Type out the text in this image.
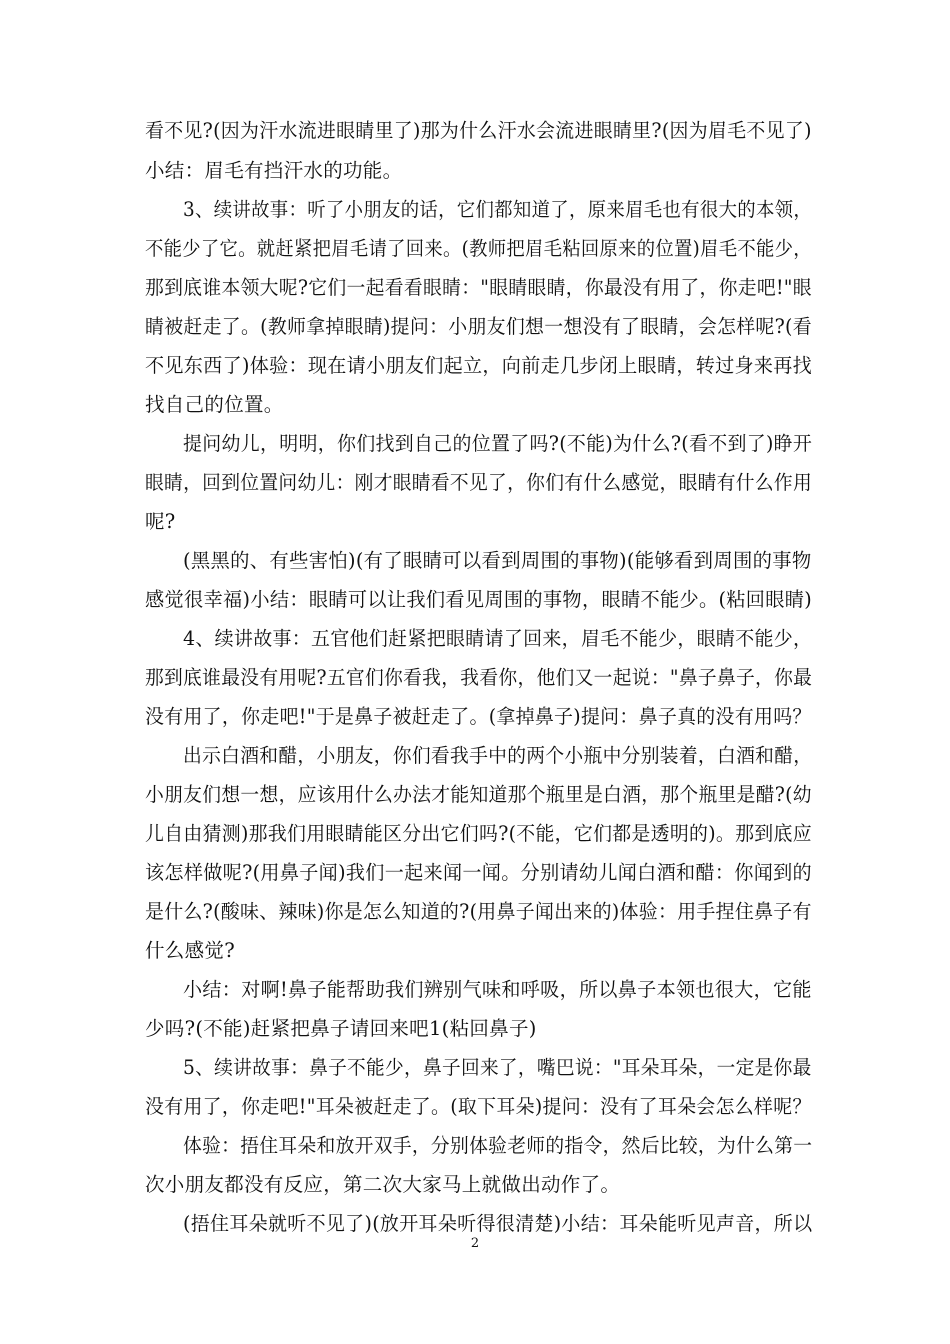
看不见?(因为汗水流进眼睛里了)那为什么汗水会流进眼睛里?(因为眉毛不见了)

小结：眉毛有挡汗水的功能。

3、续讲故事：听了小朋友的话，它们都知道了，原来眉毛也有很大的本领，

不能少了它。就赶紧把眉毛请了回来。(教师把眉毛粘回原来的位置)眉毛不能少，

那到底谁本领大呢?它们一起看看眼睛："眼睛眼睛，你最没有用了，你走吧!"眼

睛被赶走了。(教师拿掉眼睛)提问：小朋友们想一想没有了眼睛，会怎样呢?(看

不见东西了)体验：现在请小朋友们起立，向前走几步闭上眼睛，转过身来再找

找自己的位置。

提问幼儿，明明，你们找到自己的位置了吗?(不能)为什么?(看不到了)睁开

眼睛，回到位置问幼儿：刚才眼睛看不见了，你们有什么感觉，眼睛有什么作用

呢?

(黑黑的、有些害怕)(有了眼睛可以看到周围的事物)(能够看到周围的事物

感觉很幸福)小结：眼睛可以让我们看见周围的事物，眼睛不能少。(粘回眼睛)

4、续讲故事：五官他们赶紧把眼睛请了回来，眉毛不能少，眼睛不能少，

那到底谁最没有用呢?五官们你看我，我看你，他们又一起说："鼻子鼻子，你最

没有用了，你走吧!"于是鼻子被赶走了。(拿掉鼻子)提问：鼻子真的没有用吗？

出示白酒和醋，小朋友，你们看我手中的两个小瓶中分别装着，白酒和醋，

小朋友们想一想，应该用什么办法才能知道那个瓶里是白酒，那个瓶里是醋?(幼

儿自由猜测)那我们用眼睛能区分出它们吗?(不能，它们都是透明的)。那到底应

该怎样做呢?(用鼻子闻)我们一起来闻一闻。分别请幼儿闻白酒和醋：你闻到的

是什么?(酸味、辣味)你是怎么知道的?(用鼻子闻出来的)体验：用手捏住鼻子有

什么感觉?

小结：对啊!鼻子能帮助我们辨别气味和呼吸，所以鼻子本领也很大，它能

少吗?(不能)赶紧把鼻子请回来吧1(粘回鼻子)

5、续讲故事：鼻子不能少，鼻子回来了，嘴巴说："耳朵耳朵，一定是你最

没有用了，你走吧!"耳朵被赶走了。(取下耳朵)提问：没有了耳朵会怎么样呢？

体验：捂住耳朵和放开双手，分别体验老师的指令，然后比较，为什么第一

次小朋友都没有反应，第二次大家马上就做出动作了。

(捂住耳朵就听不见了)(放开耳朵听得很清楚)小结：耳朵能听见声音，所以

2
